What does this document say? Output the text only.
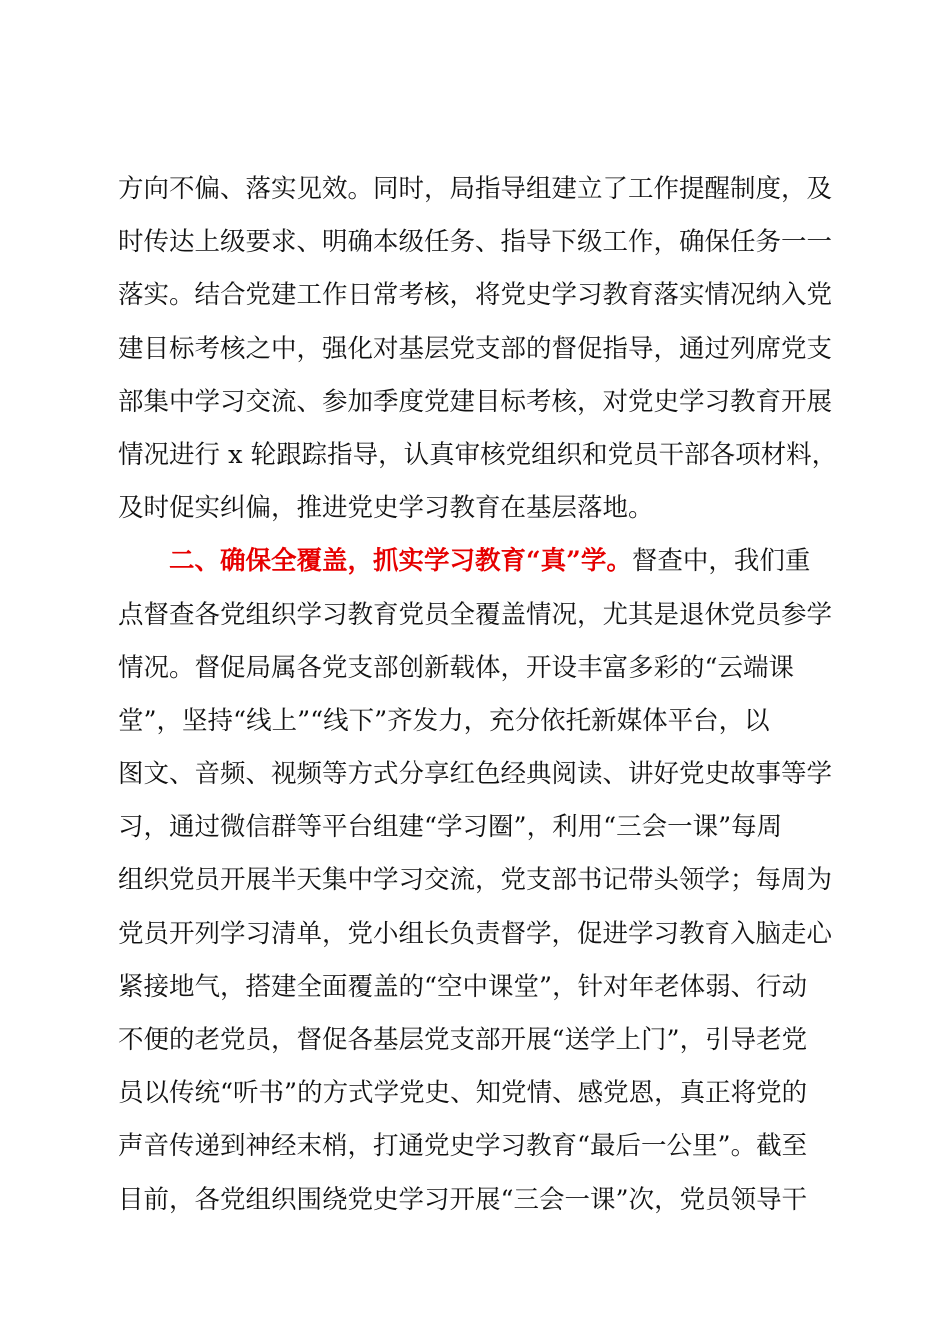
方向不偏、落实见效。同时，局指导组建立了工作提醒制度，及
时传达上级要求、明确本级任务、指导下级工作，确保任务一一
落实。结合党建工作日常考核，将党史学习教育落实情况纳入党
建目标考核之中，强化对基层党支部的督促指导，通过列席党支
部集中学习交流、参加季度党建目标考核，对党史学习教育开展
情况进行 x 轮跟踪指导，认真审核党组织和党员干部各项材料，
及时促实纠偏，推进党史学习教育在基层落地。
二、确保全覆盖，抓实学习教育“真”学。督查中，我们重
点督查各党组织学习教育党员全覆盖情况，尤其是退休党员参学
情况。督促局属各党支部创新载体，开设丰富多彩的“云端课
堂”，坚持“线上”“线下”齐发力，充分依托新媒体平台，以
图文、音频、视频等方式分享红色经典阅读、讲好党史故事等学
习，通过微信群等平台组建“学习圈”，利用“三会一课”每周
组织党员开展半天集中学习交流，党支部书记带头领学；每周为
党员开列学习清单，党小组长负责督学，促进学习教育入脑走心
紧接地气，搭建全面覆盖的“空中课堂”，针对年老体弱、行动
不便的老党员，督促各基层党支部开展“送学上门”，引导老党
员以传统“听书”的方式学党史、知党情、感党恩，真正将党的
声音传递到神经末梢，打通党史学习教育“最后一公里”。截至
目前，各党组织围绕党史学习开展“三会一课”次，党员领导干
